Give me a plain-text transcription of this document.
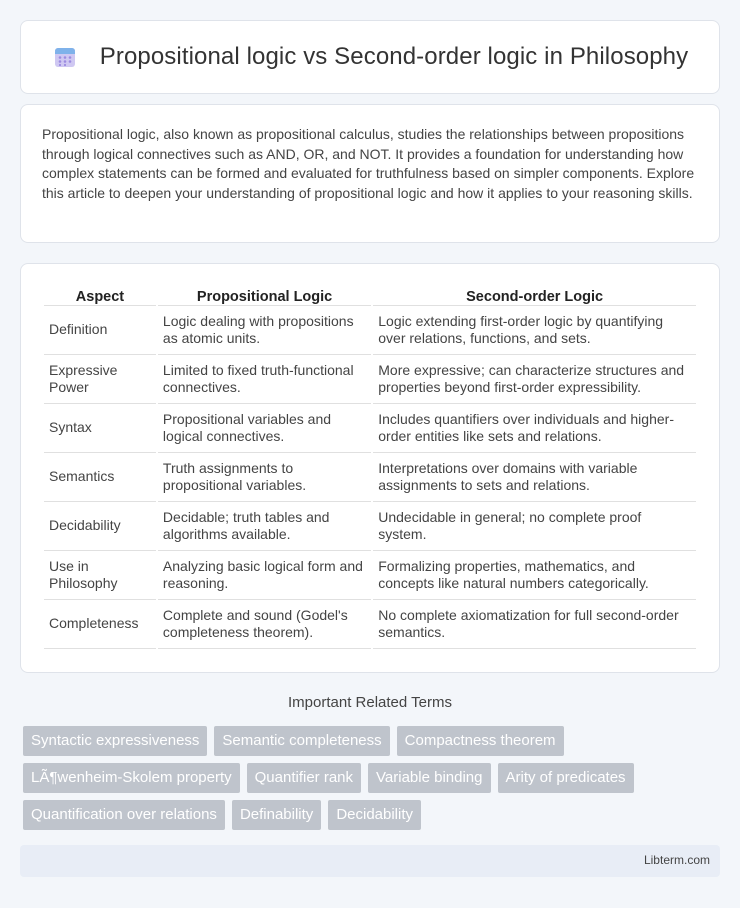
Propositional logic vs Second-order logic in Philosophy

Propositional logic, also known as propositional calculus, studies the relationships between propositions through logical connectives such as AND, OR, and NOT. It provides a foundation for understanding how complex statements can be formed and evaluated for truthfulness based on simpler components. Explore this article to deepen your understanding of propositional logic and how it applies to your reasoning skills.

Aspect	Propositional Logic	Second-order Logic
Definition	Logic dealing with propositions as atomic units.	Logic extending first-order logic by quantifying over relations, functions, and sets.
Expressive Power	Limited to fixed truth-functional connectives.	More expressive; can characterize structures and properties beyond first-order expressibility.
Syntax	Propositional variables and logical connectives.	Includes quantifiers over individuals and higher-order entities like sets and relations.
Semantics	Truth assignments to propositional variables.	Interpretations over domains with variable assignments to sets and relations.
Decidability	Decidable; truth tables and algorithms available.	Undecidable in general; no complete proof system.
Use in Philosophy	Analyzing basic logical form and reasoning.	Formalizing properties, mathematics, and concepts like natural numbers categorically.
Completeness	Complete and sound (Godel's completeness theorem).	No complete axiomatization for full second-order semantics.
Important Related Terms
Syntactic expressiveness	Semantic completeness	Compactness theorem
LÃ¶wenheim-Skolem property	Quantifier rank	Variable binding	Arity of predicates
Quantification over relations	Definability	Decidability
Libterm.com
